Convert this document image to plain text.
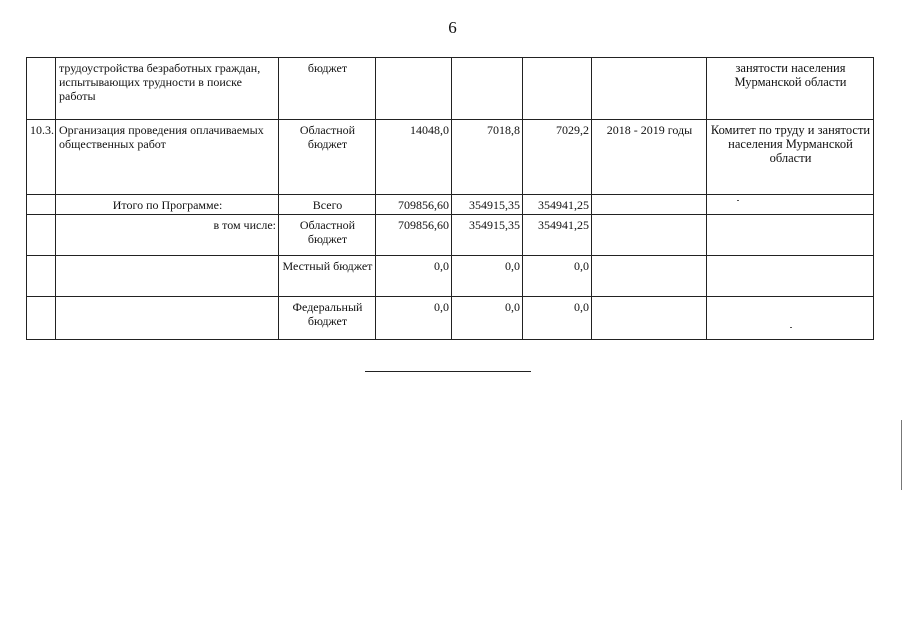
6
	трудоустройства безработных граждан, испытывающих трудности в поиске работы	бюджет					занятости населения Мурманской области
10.3.	Организация проведения оплачиваемых общественных работ	Областной бюджет	14048,0	7018,8	7029,2	2018 - 2019 годы	Комитет по труду и занятости населения Мурманской области
	Итого по Программе:	Всего	709856,60	354915,35	354941,25		
	в том числе:	Областной бюджет	709856,60	354915,35	354941,25		
		Местный бюджет	0,0	0,0	0,0		
		Федеральный бюджет	0,0	0,0	0,0		
